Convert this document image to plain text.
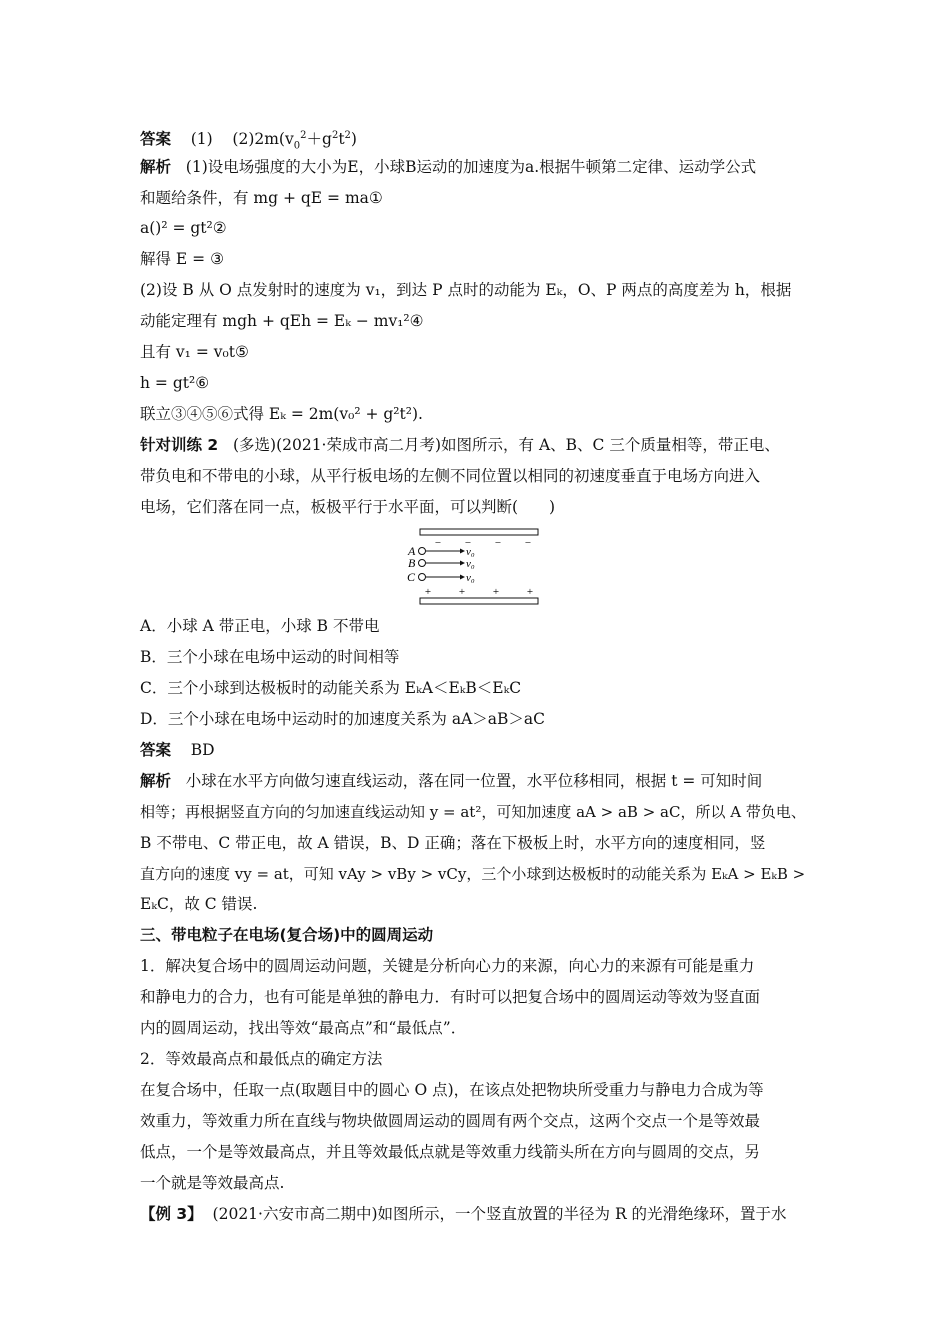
答案 (1) $(2)2m(v_0^2+g^2t^2)$
解析 (1)设电场强度的大小为E，小球B运动的加速度为a.根据牛顿第二定律、运动学公式
和题给条件，有 mg + qE = ma①
a()² = gt²②
解得 E = ③
(2)设 B 从 O 点发射时的速度为 v₁，到达 P 点时的动能为 Eₖ，O、P 两点的高度差为 h，根据
动能定理有 mgh + qEh = Eₖ − mv₁²④
且有 v₁ = v₀t⑤
h = gt²⑥
联立③④⑤⑥式得 Eₖ = 2m(v₀² + g²t²).
针对训练 2 (多选)(2021·荣成市高二月考)如图所示，有 A、B、C 三个质量相等，带正电、
带负电和不带电的小球，从平行板电场的左侧不同位置以相同的初速度垂直于电场方向进入
电场，它们落在同一点，板极平行于水平面，可以判断(　　)
− − − −
A	v₀
B	v₀
C	v₀
+	+	+	+
A．小球 A 带正电，小球 B 不带电
B．三个小球在电场中运动的时间相等
C．三个小球到达极板时的动能关系为 EₖA＜EₖB＜EₖC
D．三个小球在电场中运动时的加速度关系为 aA＞aB＞aC
答案 BD
解析 小球在水平方向做匀速直线运动，落在同一位置，水平位移相同，根据 t = 可知时间
相等；再根据竖直方向的匀加速直线运动知 y = at²，可知加速度 aA > aB > aC，所以 A 带负电、
B 不带电、C 带正电，故 A 错误，B、D 正确；落在下极板上时，水平方向的速度相同，竖
直方向的速度 vy = at，可知 vAy > vBy > vCy，三个小球到达极板时的动能关系为 EₖA > EₖB >
EₖC，故 C 错误.
三、带电粒子在电场(复合场)中的圆周运动
1．解决复合场中的圆周运动问题，关键是分析向心力的来源，向心力的来源有可能是重力
和静电力的合力，也有可能是单独的静电力．有时可以把复合场中的圆周运动等效为竖直面
内的圆周运动，找出等效“最高点”和“最低点”．
2．等效最高点和最低点的确定方法
在复合场中，任取一点(取题目中的圆心 O 点)，在该点处把物块所受重力与静电力合成为等
效重力，等效重力所在直线与物块做圆周运动的圆周有两个交点，这两个交点一个是等效最
低点，一个是等效最高点，并且等效最低点就是等效重力线箭头所在方向与圆周的交点，另
一个就是等效最高点.
【例 3】 (2021·六安市高二期中)如图所示，一个竖直放置的半径为 R 的光滑绝缘环，置于水
